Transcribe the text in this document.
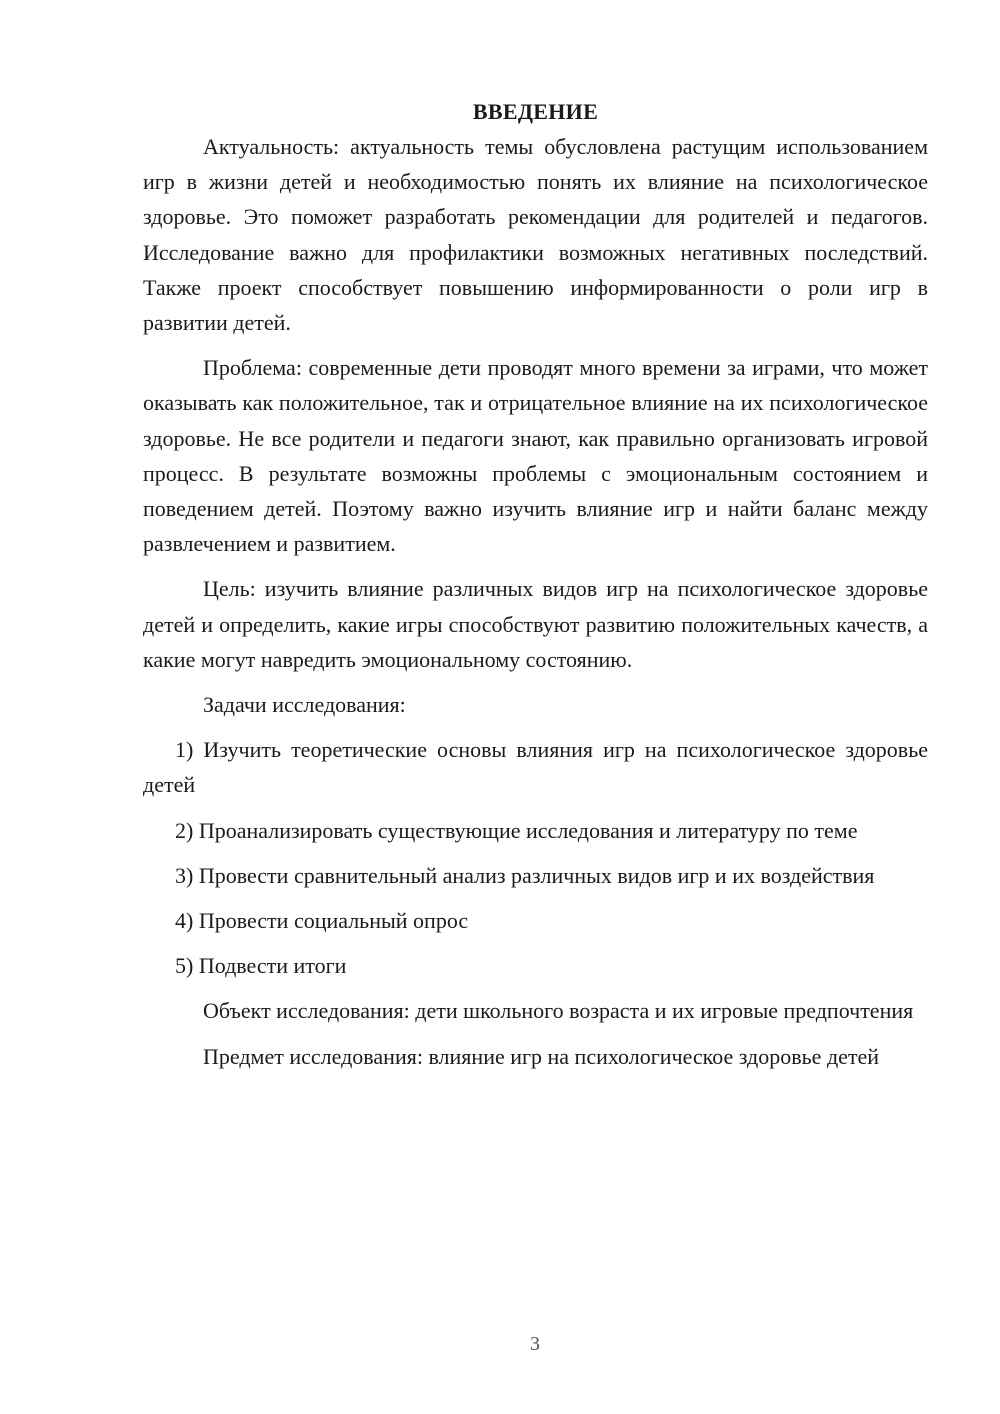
ВВЕДЕНИЕ

Актуальность: актуальность темы обусловлена растущим использованием игр в жизни детей и необходимостью понять их влияние на психологическое здоровье. Это поможет разработать рекомендации для родителей и педагогов. Исследование важно для профилактики возможных негативных последствий. Также проект способствует повышению информированности о роли игр в развитии детей.

Проблема: современные дети проводят много времени за играми, что может оказывать как положительное, так и отрицательное влияние на их психологическое здоровье. Не все родители и педагоги знают, как правильно организовать игровой процесс. В результате возможны проблемы с эмоциональным состоянием и поведением детей. Поэтому важно изучить влияние игр и найти баланс между развлечением и развитием.

Цель: изучить влияние различных видов игр на психологическое здоровье детей и определить, какие игры способствуют развитию положительных качеств, а какие могут навредить эмоциональному состоянию.

Задачи исследования:

1) Изучить теоретические основы влияния игр на психологическое здоровье детей

2) Проанализировать существующие исследования и литературу по теме

3) Провести сравнительный анализ различных видов игр и их воздействия

4) Провести социальный опрос

5) Подвести итоги

Объект исследования: дети школьного возраста и их игровые предпочтения

Предмет исследования: влияние игр на психологическое здоровье детей

3
